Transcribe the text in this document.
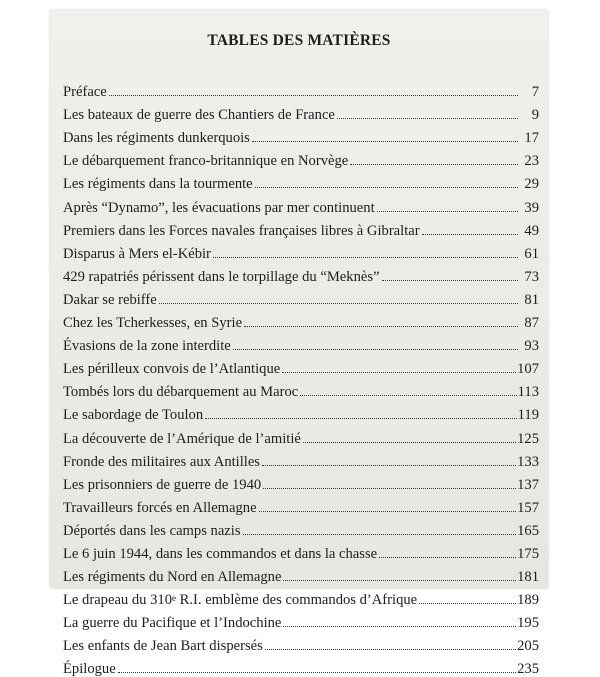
TABLES DES MATIÈRES
Préface	7
Les bateaux de guerre des Chantiers de France	9
Dans les régiments dunkerquois	17
Le débarquement franco-britannique en Norvège	23
Les régiments dans la tourmente	29
Après “Dynamo”, les évacuations par mer continuent	39
Premiers dans les Forces navales françaises libres à Gibraltar	49
Disparus à Mers el-Kébir	61
429 rapatriés périssent dans le torpillage du “Meknès”	73
Dakar se rebiffe	81
Chez les Tcherkesses, en Syrie	87
Évasions de la zone interdite	93
Les périlleux convois de l’Atlantique	107
Tombés lors du débarquement au Maroc	113
Le sabordage de Toulon	119
La découverte de l’Amérique de l’amitié	125
Fronde des militaires aux Antilles	133
Les prisonniers de guerre de 1940	137
Travailleurs forcés en Allemagne	157
Déportés dans les camps nazis	165
Le 6 juin 1944, dans les commandos et dans la chasse	175
Les régiments du Nord en Allemagne	181
Le drapeau du 310e R.I. emblème des commandos d’Afrique	189
La guerre du Pacifique et l’Indochine	195
Les enfants de Jean Bart dispersés	205
Épilogue	235
